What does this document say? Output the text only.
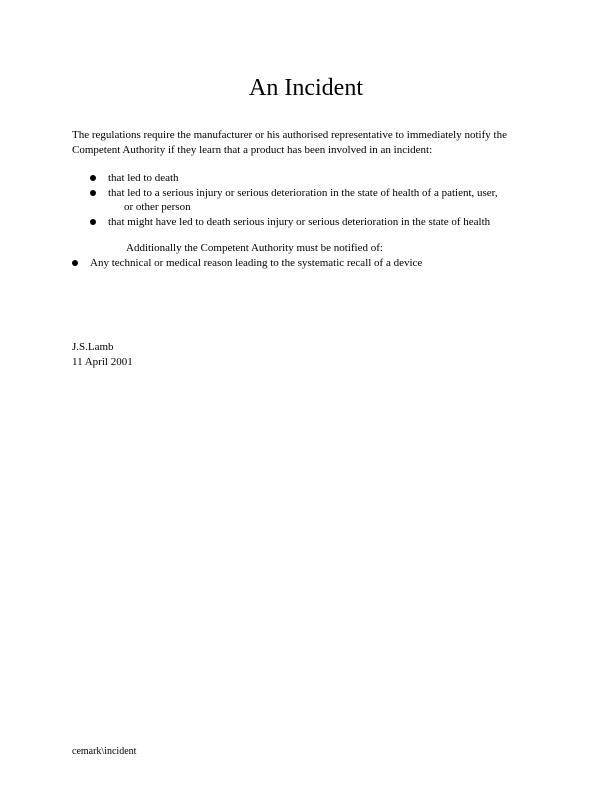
An Incident

The regulations require the manufacturer or his authorised representative to immediately notify the Competent Authority if they learn that a product has been involved in an incident:

that led to death
that led to a serious injury or serious deterioration in the state of health of a patient, user,
or other person
that might have led to death serious injury or serious deterioration in the state of health

Additionally the Competent Authority must be notified of:

Any technical or medical reason leading to the systematic recall of a device
J.S.Lamb
11 April 2001
cemark\incident
